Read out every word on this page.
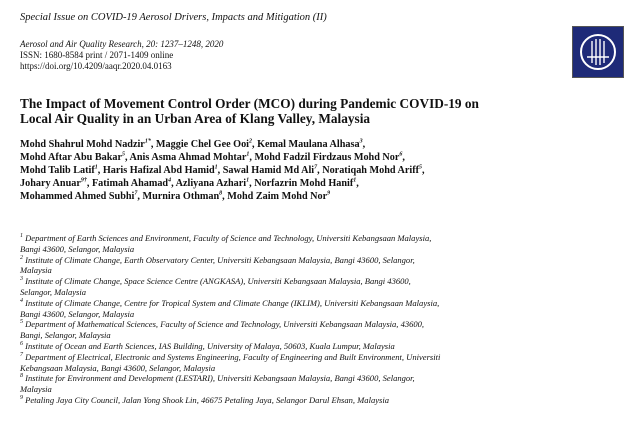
Special Issue on COVID-19 Aerosol Drivers, Impacts and Mitigation (II)
Aerosol and Air Quality Research, 20: 1237–1248, 2020
ISSN: 1680-8584 print / 2071-1409 online
https://doi.org/10.4209/aaqr.2020.04.0163
The Impact of Movement Control Order (MCO) during Pandemic COVID-19 on
Local Air Quality in an Urban Area of Klang Valley, Malaysia
Mohd Shahrul Mohd Nadzir$^{1*}$, Maggie Chel Gee Ooi$^2$, Kemal Maulana Alhasa$^3$,
Mohd Aftar Abu Bakar$^5$, Anis Asma Ahmad Mohtar$^1$, Mohd Fadzil Firdzaus Mohd Nor$^6$,
Mohd Talib Latif$^1$, Haris Hafizal Abd Hamid$^1$, Sawal Hamid Md Ali$^7$, Noratiqah Mohd Ariff$^5$,
Johary Anuar$^{9\dagger}$, Fatimah Ahamad$^4$, Azliyana Azhari$^1$, Norfazrin Mohd Hanif$^1$,
Mohammed Ahmed Subhi$^7$, Murnira Othman$^8$, Mohd Zaim Mohd Nor$^9$
$^1$ Department of Earth Sciences and Environment, Faculty of Science and Technology, Universiti Kebangsaan Malaysia,
Bangi 43600, Selangor, Malaysia
$^2$ Institute of Climate Change, Earth Observatory Center, Universiti Kebangsaan Malaysia, Bangi 43600, Selangor,
Malaysia
$^3$ Institute of Climate Change, Space Science Centre (ANGKASA), Universiti Kebangsaan Malaysia, Bangi 43600,
Selangor, Malaysia
$^4$ Institute of Climate Change, Centre for Tropical System and Climate Change (IKLIM), Universiti Kebangsaan Malaysia,
Bangi 43600, Selangor, Malaysia
$^5$ Department of Mathematical Sciences, Faculty of Science and Technology, Universiti Kebangsaan Malaysia, 43600,
Bangi, Selangor, Malaysia
$^6$ Institute of Ocean and Earth Sciences, IAS Building, University of Malaya, 50603, Kuala Lumpur, Malaysia
$^7$ Department of Electrical, Electronic and Systems Engineering, Faculty of Engineering and Built Environment, Universiti
Kebangsaan Malaysia, Bangi 43600, Selangor, Malaysia
$^8$ Institute for Environment and Development (LESTARI), Universiti Kebangsaan Malaysia, Bangi 43600, Selangor,
Malaysia
$^9$ Petaling Jaya City Council, Jalan Yong Shook Lin, 46675 Petaling Jaya, Selangor Darul Ehsan, Malaysia
